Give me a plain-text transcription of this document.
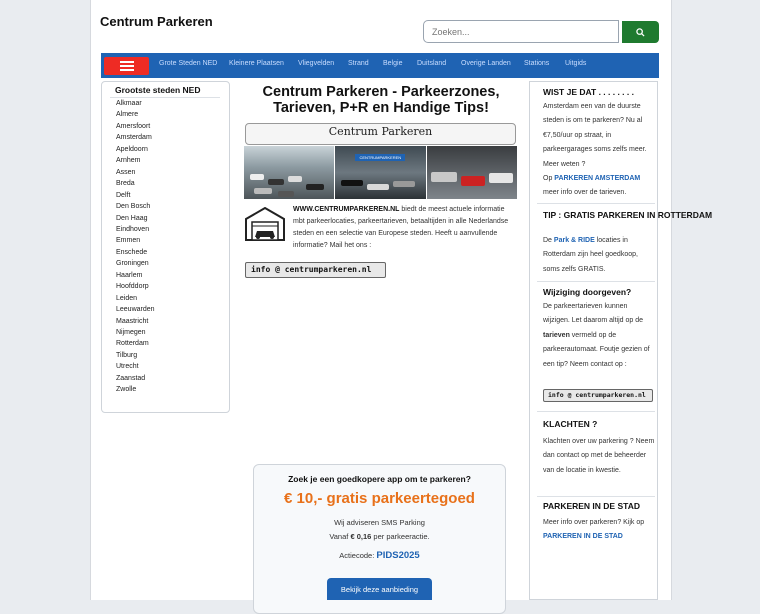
Centrum Parkeren
Zoeken...
Grote Steden NED Kleinere Plaatsen Vliegvelden Strand Belgie Duitsland Overige Landen Stations Uitgids
Grootste steden NED
Alkmaar
Almere
Amersfoort
Amsterdam
Apeldoorn
Arnhem
Assen
Breda
Delft
Den Bosch
Den Haag
Eindhoven
Emmen
Enschede
Groningen
Haarlem
Hoofddorp
Leiden
Leeuwarden
Maastricht
Nijmegen
Rotterdam
Tilburg
Utrecht
Zaanstad
Zwolle
Centrum Parkeren - Parkeerzones,
Tarieven, P+R en Handige Tips!
Centrum Parkeren
CENTRUMPARKEREN
WWW.CENTRUMPARKEREN.NL biedt de meest actuele informatie mbt parkeerlocaties, parkeertarieven, betaaltijden in alle Nederlandse steden en een selectie van Europese steden. Heeft u aanvullende informatie? Mail het ons :
info @ centrumparkeren.nl
Zoek je een goedkopere app om te parkeren?
€ 10,- gratis parkeertegoed
Wij adviseren SMS Parking
Vanaf € 0,16 per parkeeractie.
Actiecode: PIDS2025
Bekijk deze aanbieding
WIST JE DAT . . . . . . . .
Amsterdam een van de duurste steden is om te parkeren? Nu al €7,50/uur op straat, in parkeergarages soms zelfs meer. Meer weten ?
Op PARKEREN AMSTERDAM
meer info over de tarieven.
TIP : GRATIS PARKEREN IN ROTTERDAM
De Park & RIDE locaties in Rotterdam zijn heel goedkoop, soms zelfs GRATIS.
Wijziging doorgeven?
De parkeertarieven kunnen wijzigen. Let daarom altijd op de tarieven vermeld op de parkeerautomaat. Foutje gezien of een tip? Neem contact op :
info @ centrumparkeren.nl
KLACHTEN ?
Klachten over uw parkering ? Neem dan contact op met de beheerder van de locatie in kwestie.
PARKEREN IN DE STAD
Meer info over parkeren? Kijk op PARKEREN IN DE STAD
